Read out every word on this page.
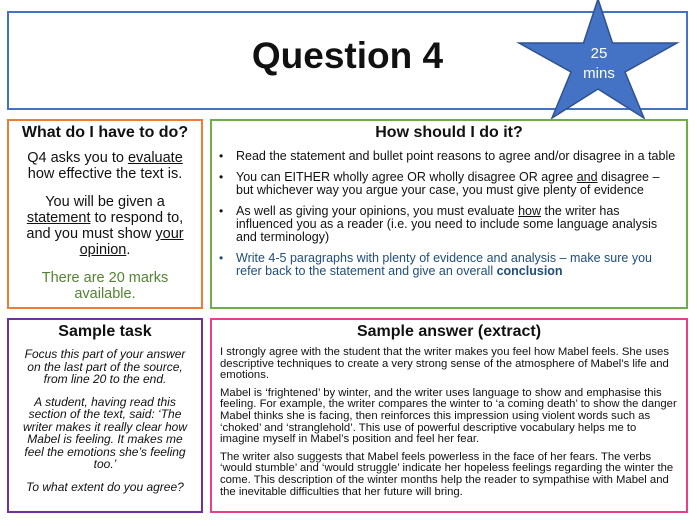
Question 4	25
mins
What do I have to do?
Q4 asks you to evaluate how effective the text is.
You will be given a statement to respond to, and you must show your opinion.
There are 20 marks available.
How should I do it?
• Read the statement and bullet point reasons to agree and/or disagree in a table
• You can EITHER wholly agree OR wholly disagree OR agree and disagree – but whichever way you argue your case, you must give plenty of evidence
• As well as giving your opinions, you must evaluate how the writer has influenced you as a reader (i.e. you need to include some language analysis and terminology)
• Write 4-5 paragraphs with plenty of evidence and analysis – make sure you refer back to the statement and give an overall conclusion
Sample task
Focus this part of your answer on the last part of the source, from line 20 to the end.
A student, having read this section of the text, said: ‘The writer makes it really clear how Mabel is feeling. It makes me feel the emotions she’s feeling too.’
To what extent do you agree?
Sample answer (extract)
I strongly agree with the student that the writer makes you feel how Mabel feels. She uses descriptive techniques to create a very strong sense of the atmosphere of Mabel’s life and emotions.
Mabel is ‘frightened’ by winter, and the writer uses language to show and emphasise this feeling. For example, the writer compares the winter to ‘a coming death’ to show the danger Mabel thinks she is facing, then reinforces this impression using violent words such as ‘choked’ and ‘stranglehold’. This use of powerful descriptive vocabulary helps me to imagine myself in Mabel’s position and feel her fear.
The writer also suggests that Mabel feels powerless in the face of her fears. The verbs ‘would stumble’ and ‘would struggle’ indicate her hopeless feelings regarding the winter the come. This description of the winter months help the reader to sympathise with Mabel and the inevitable difficulties that her future will bring.
